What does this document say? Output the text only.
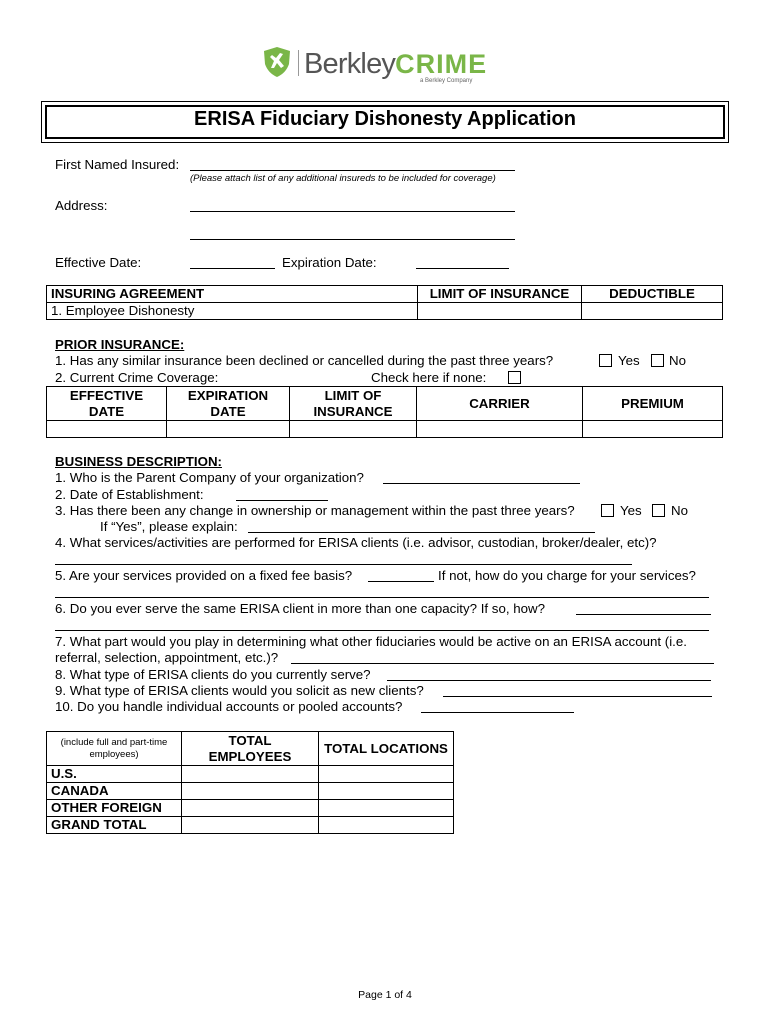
BerkleyCRIME
a Berkley Company
ERISA Fiduciary Dishonesty Application
First Named Insured:
(Please attach list of any additional insureds to be included for coverage)
Address:
Effective Date:	Expiration Date:
INSURING AGREEMENT	LIMIT OF INSURANCE	DEDUCTIBLE
1. Employee Dishonesty		
PRIOR INSURANCE:
1. Has any similar insurance been declined or cancelled during the past three years?	Yes No
2. Current Crime Coverage:	Check here if none:
EFFECTIVE DATE	EXPIRATION DATE	LIMIT OF INSURANCE	CARRIER	PREMIUM

BUSINESS DESCRIPTION:
1. Who is the Parent Company of your organization?
2. Date of Establishment:
3. Has there been any change in ownership or management within the past three years?	Yes No
If “Yes”, please explain:
4. What services/activities are performed for ERISA clients (i.e. advisor, custodian, broker/dealer, etc)?
5. Are your services provided on a fixed fee basis?	If not, how do you charge for your services?
6. Do you ever serve the same ERISA client in more than one capacity? If so, how?
7. What part would you play in determining what other fiduciaries would be active on an ERISA account (i.e.
referral, selection, appointment, etc.)?
8. What type of ERISA clients do you currently serve?
9. What type of ERISA clients would you solicit as new clients?
10. Do you handle individual accounts or pooled accounts?
(include full and part-time employees)	TOTAL EMPLOYEES	TOTAL LOCATIONS
U.S.		
CANADA		
OTHER FOREIGN		
GRAND TOTAL		
Page 1 of 4
